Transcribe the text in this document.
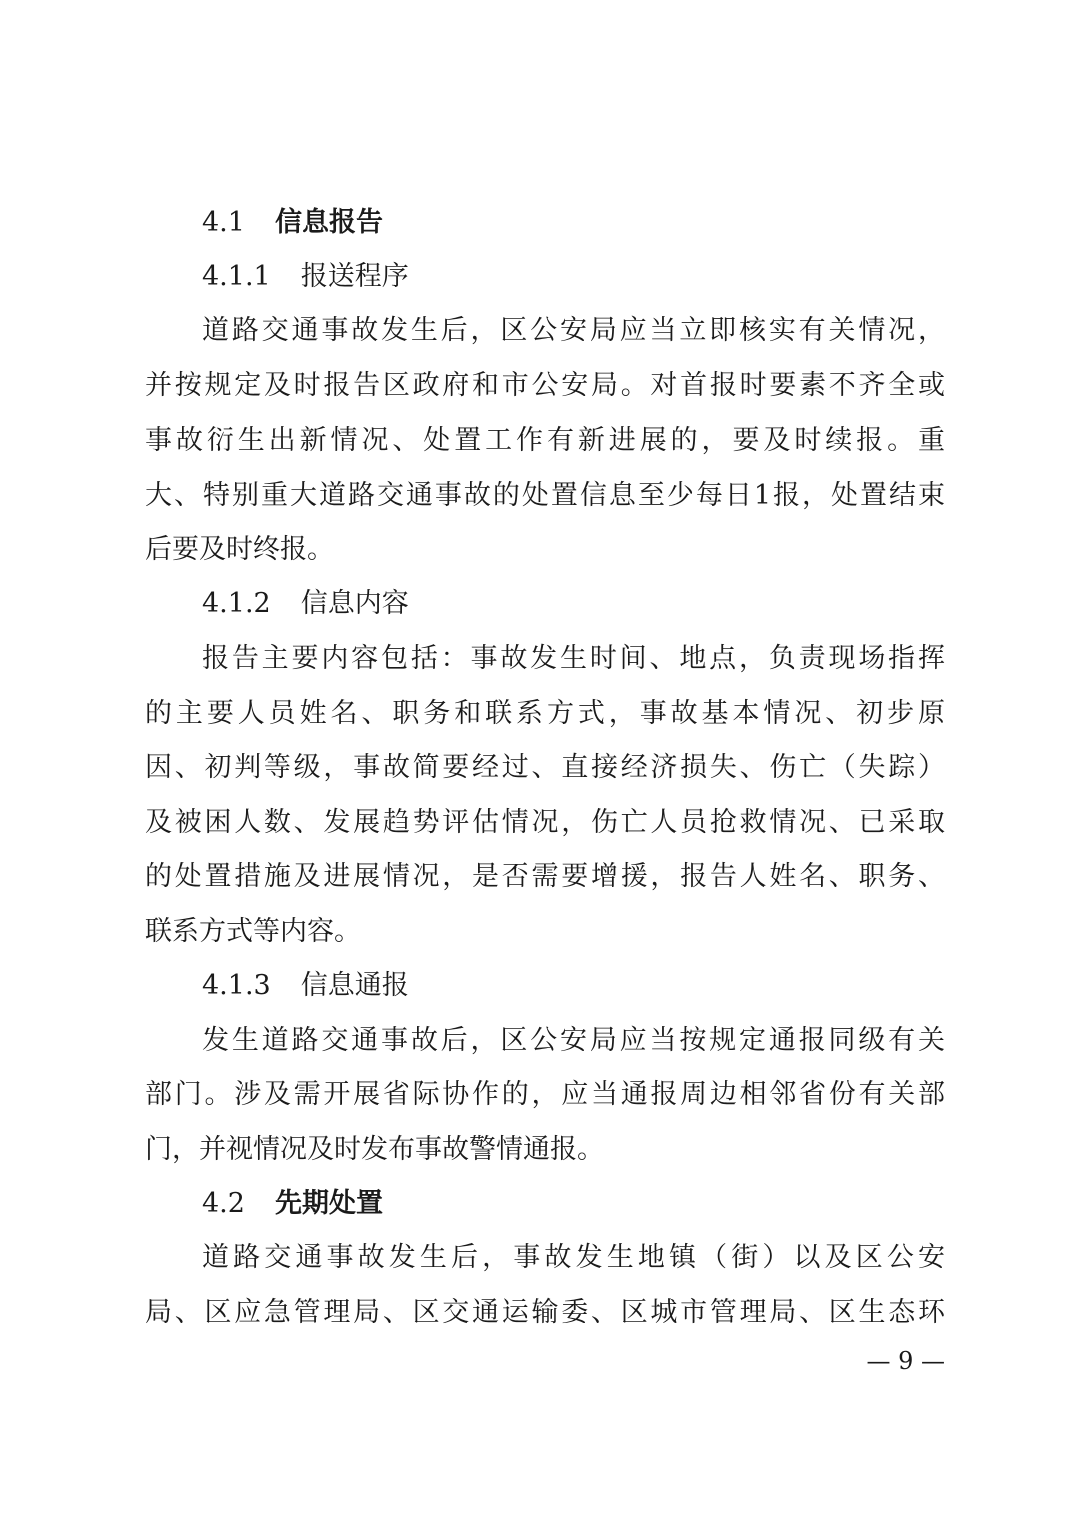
4.1 信息报告
4.1.1 报送程序
道路交通事故发生后，区公安局应当立即核实有关情况，
并按规定及时报告区政府和市公安局。对首报时要素不齐全或
事故衍生出新情况、处置工作有新进展的，要及时续报。重
大、特别重大道路交通事故的处置信息至少每日1报，处置结束
后要及时终报。
4.1.2 信息内容
报告主要内容包括：事故发生时间、地点，负责现场指挥
的主要人员姓名、职务和联系方式，事故基本情况、初步原
因、初判等级，事故简要经过、直接经济损失、伤亡（失踪）
及被困人数、发展趋势评估情况，伤亡人员抢救情况、已采取
的处置措施及进展情况，是否需要增援，报告人姓名、职务、
联系方式等内容。
4.1.3 信息通报
发生道路交通事故后，区公安局应当按规定通报同级有关
部门。涉及需开展省际协作的，应当通报周边相邻省份有关部
门，并视情况及时发布事故警情通报。
4.2 先期处置
道路交通事故发生后，事故发生地镇（街）以及区公安
局、区应急管理局、区交通运输委、区城市管理局、区生态环
— 9 —
